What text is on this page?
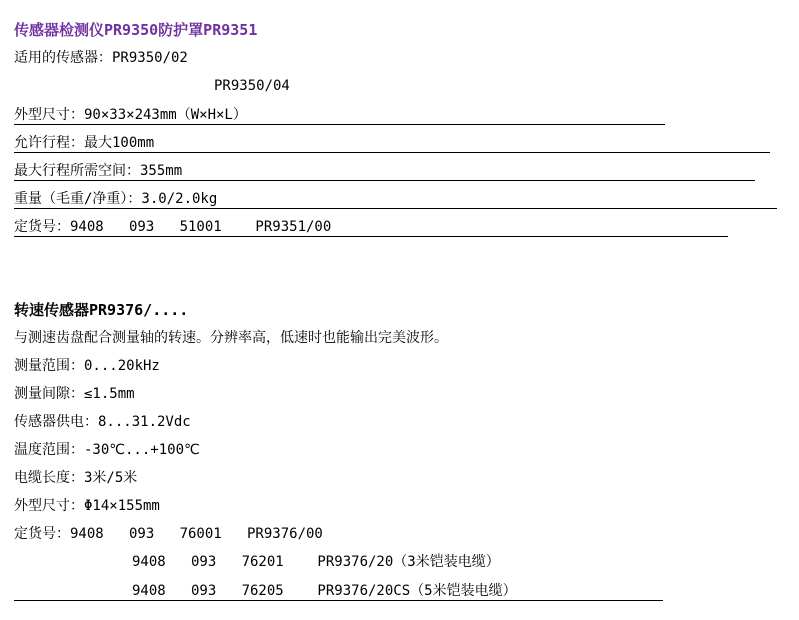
传感器检测仪PR9350防护罩PR9351
适用的传感器：PR9350/02
PR9350/04
外型尺寸：90×33×243mm（W×H×L）
允许行程：最大100mm
最大行程所需空间：355mm
重量（毛重/净重）：3.0/2.0kg
定货号：9408   093   51001    PR9351/00
转速传感器PR9376/....
与测速齿盘配合测量轴的转速。分辨率高，低速时也能输出完美波形。
测量范围：0...20kHz
测量间隙：≤1.5mm
传感器供电：8...31.2Vdc
温度范围：-30℃...+100℃
电缆长度：3米/5米
外型尺寸：Φ14×155mm
定货号：9408   093   76001   PR9376/00
9408   093   76201    PR9376/20（3米铠装电缆）
9408   093   76205    PR9376/20CS（5米铠装电缆）
